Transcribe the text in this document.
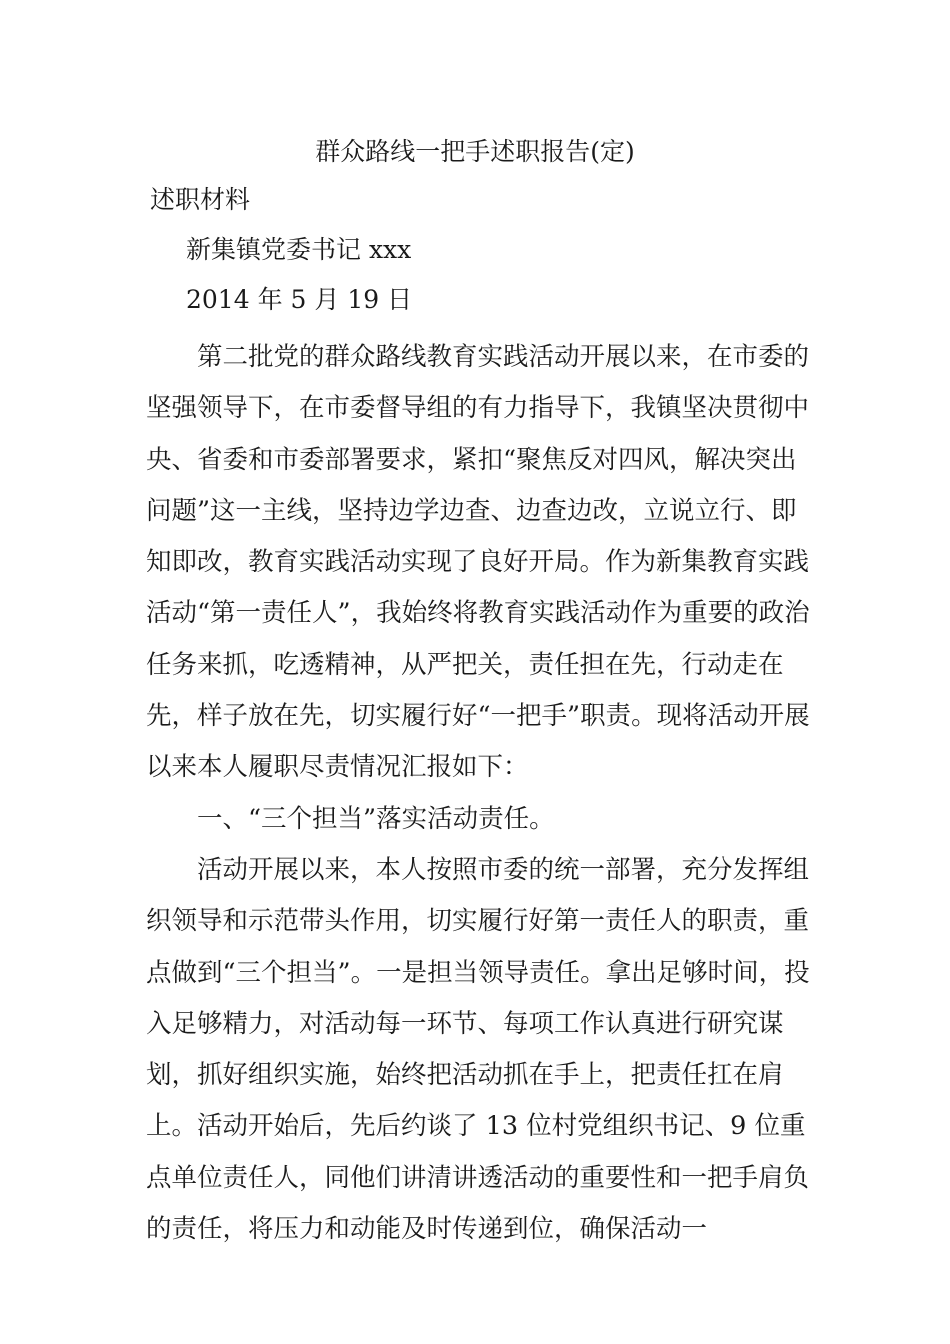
群众路线一把手述职报告(定)

述职材料

新集镇党委书记 xxx

2014 年 5 月 19 日

第二批党的群众路线教育实践活动开展以来，在市委的坚强领导下，在市委督导组的有力指导下，我镇坚决贯彻中央、省委和市委部署要求，紧扣“聚焦反对四风，解决突出问题”这一主线，坚持边学边查、边查边改，立说立行、即知即改，教育实践活动实现了良好开局。作为新集教育实践活动“第一责任人”，我始终将教育实践活动作为重要的政治任务来抓，吃透精神，从严把关，责任担在先，行动走在先，样子放在先，切实履行好“一把手”职责。现将活动开展以来本人履职尽责情况汇报如下：

一、“三个担当”落实活动责任。

活动开展以来，本人按照市委的统一部署，充分发挥组织领导和示范带头作用，切实履行好第一责任人的职责，重点做到“三个担当”。一是担当领导责任。拿出足够时间，投入足够精力，对活动每一环节、每项工作认真进行研究谋划，抓好组织实施，始终把活动抓在手上，把责任扛在肩上。活动开始后，先后约谈了 13 位村党组织书记、9 位重点单位责任人，同他们讲清讲透活动的重要性和一把手肩负的责任，将压力和动能及时传递到位，确保活动一
